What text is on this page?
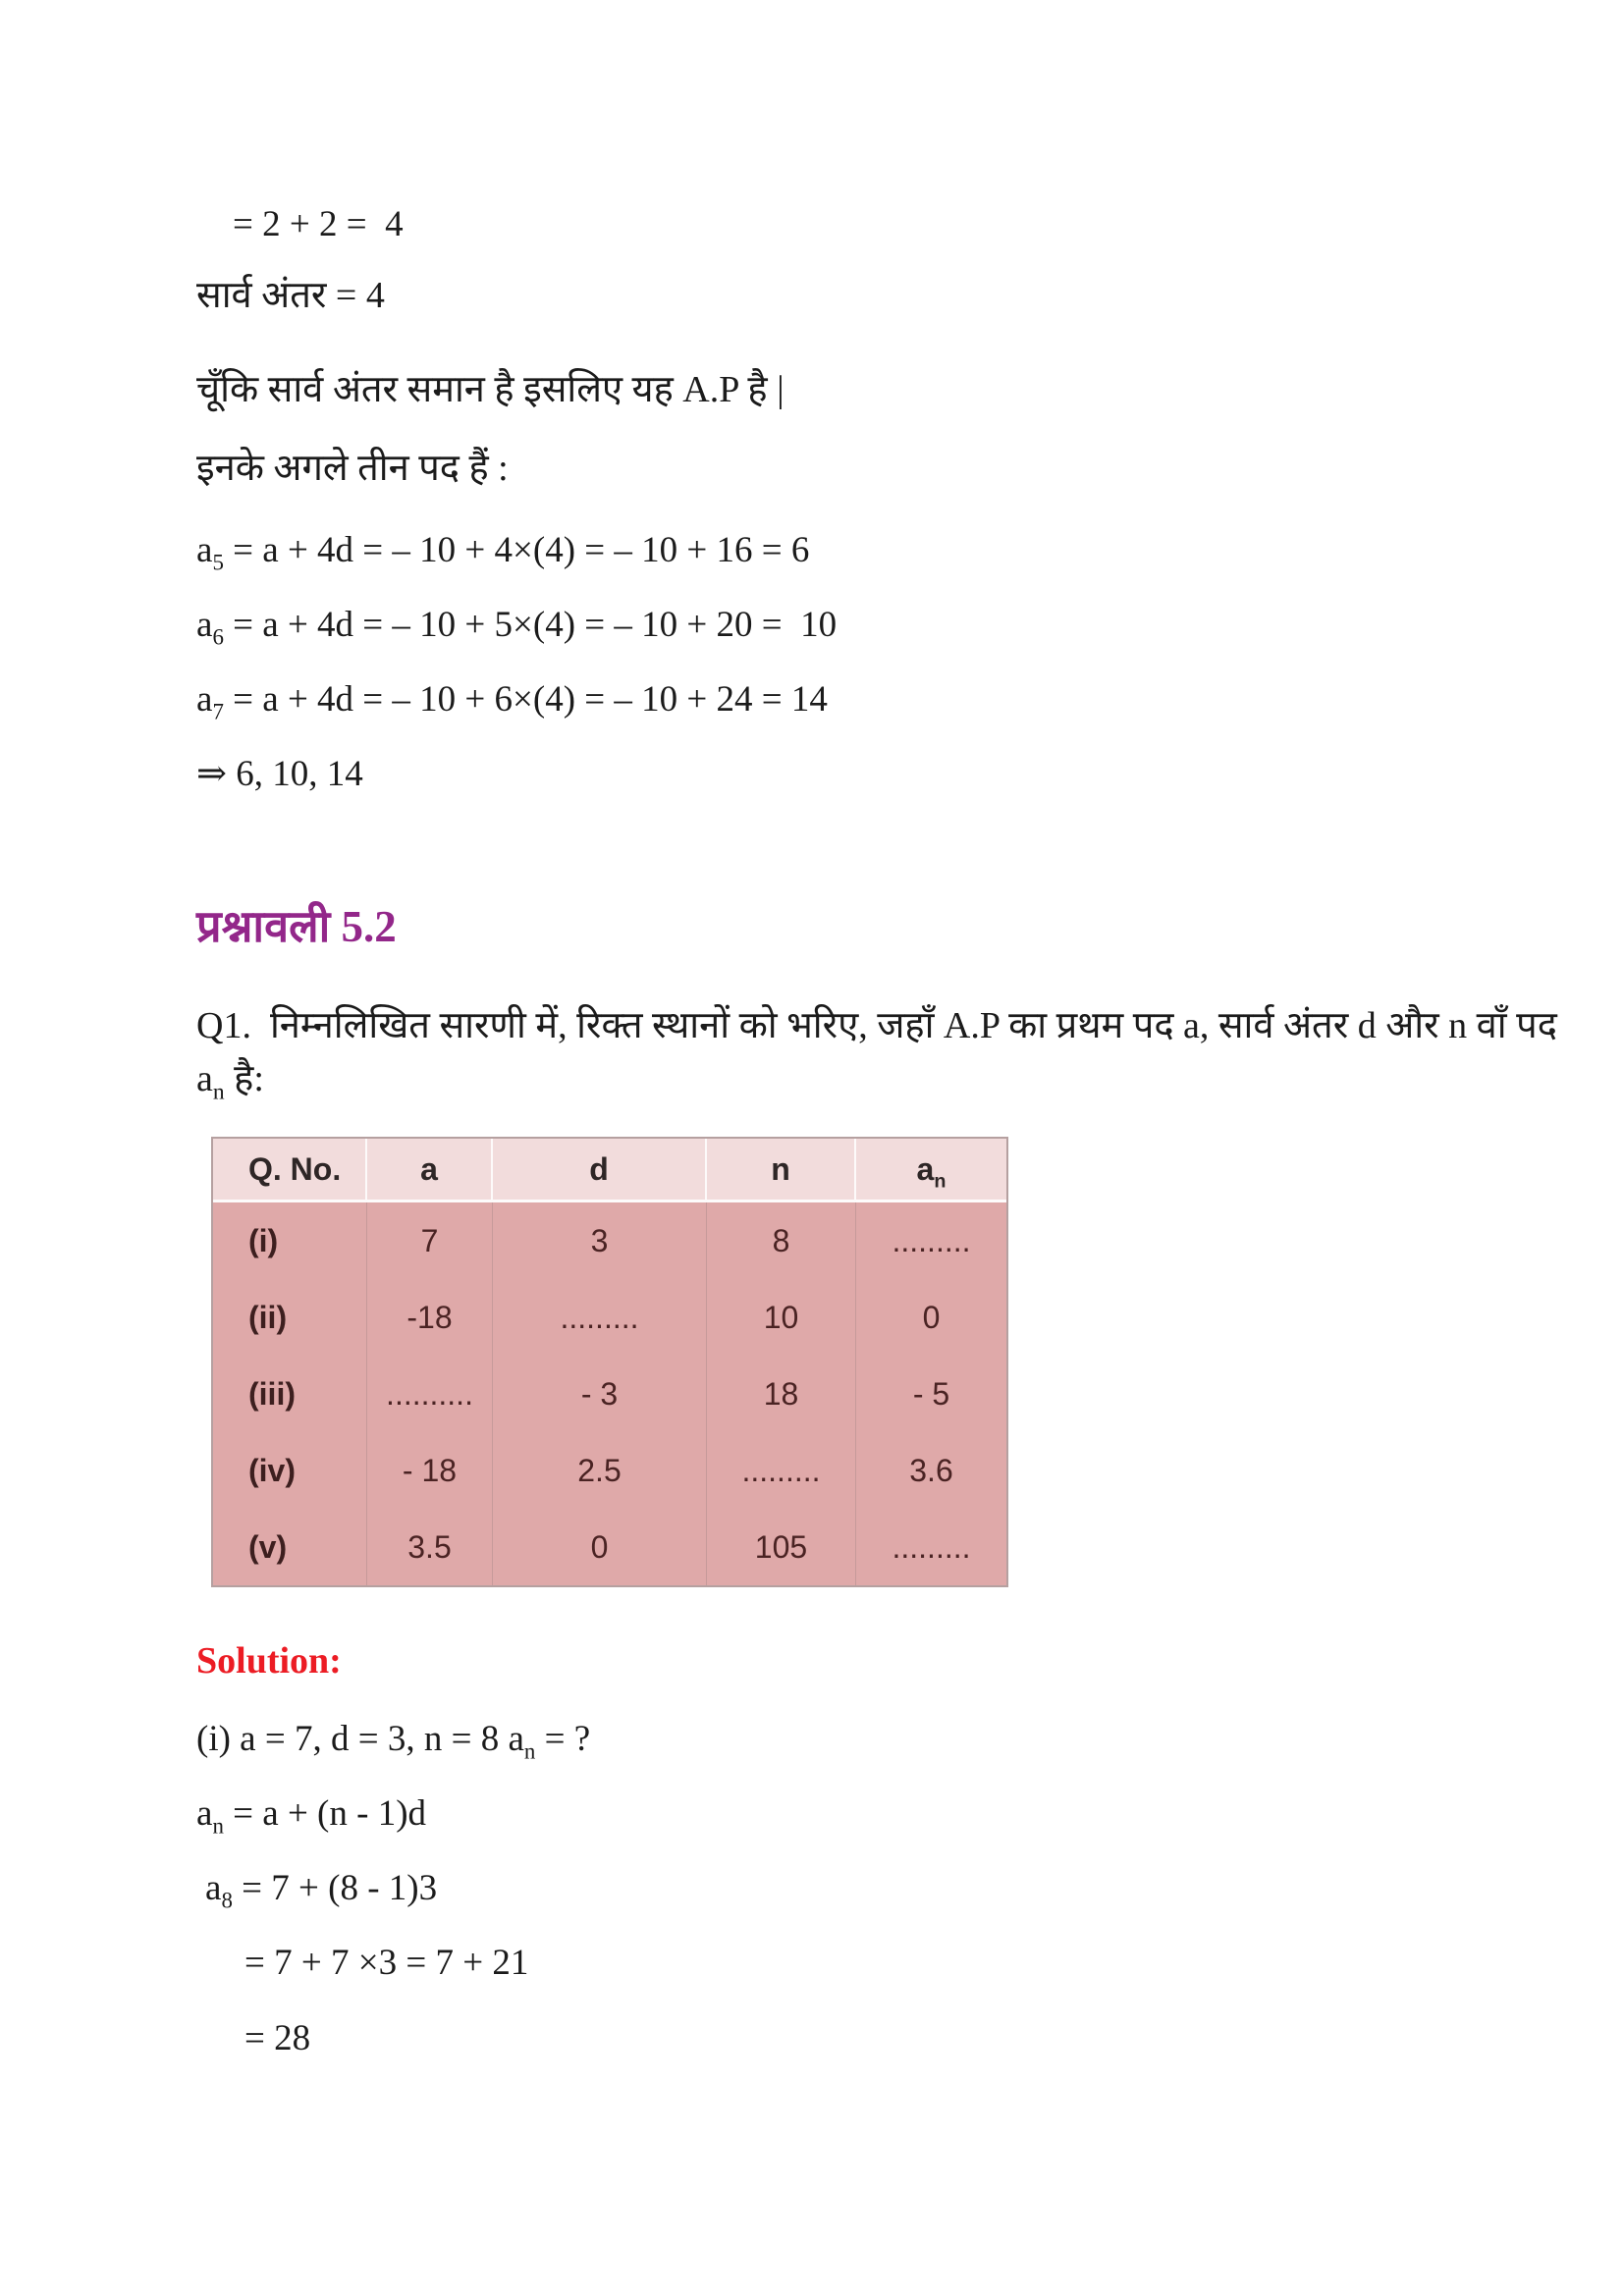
= 2 + 2 =  4
सार्व अंतर = 4
चूँकि सार्व अंतर समान है इसलिए यह A.P है |
इनके अगले तीन पद हैं :
$a_5 = a + 4d$ = – 10 + 4×(4) = – 10 + 16 = 6
$a_6 = a + 4d$ = – 10 + 5×(4) = – 10 + 20 =  10
$a_7 = a + 4d$ = – 10 + 6×(4) = – 10 + 24 = 14
⇒ 6, 10, 14
प्रश्नावली 5.2
Q1.  निम्नलिखित सारणी में, रिक्त स्थानों को भरिए, जहाँ A.P का प्रथम पद a, सार्व अंतर d और n वाँ पद
$a_n$ है:
Q. No.	a	d	n	$a_n$
(i)	7	3	8	.........
(ii)	-18	.........	10	0
(iii)	..........	- 3	18	- 5
(iv)	- 18	2.5	.........	3.6
(v)	3.5	0	105	.........
Solution:
(i) a = 7, d = 3, n = 8 $a_n$ = ?
$a_n = a + (n - 1)d$
$a_8 = 7 + (8 - 1)3$
= 7 + 7 ×3 = 7 + 21
= 28
